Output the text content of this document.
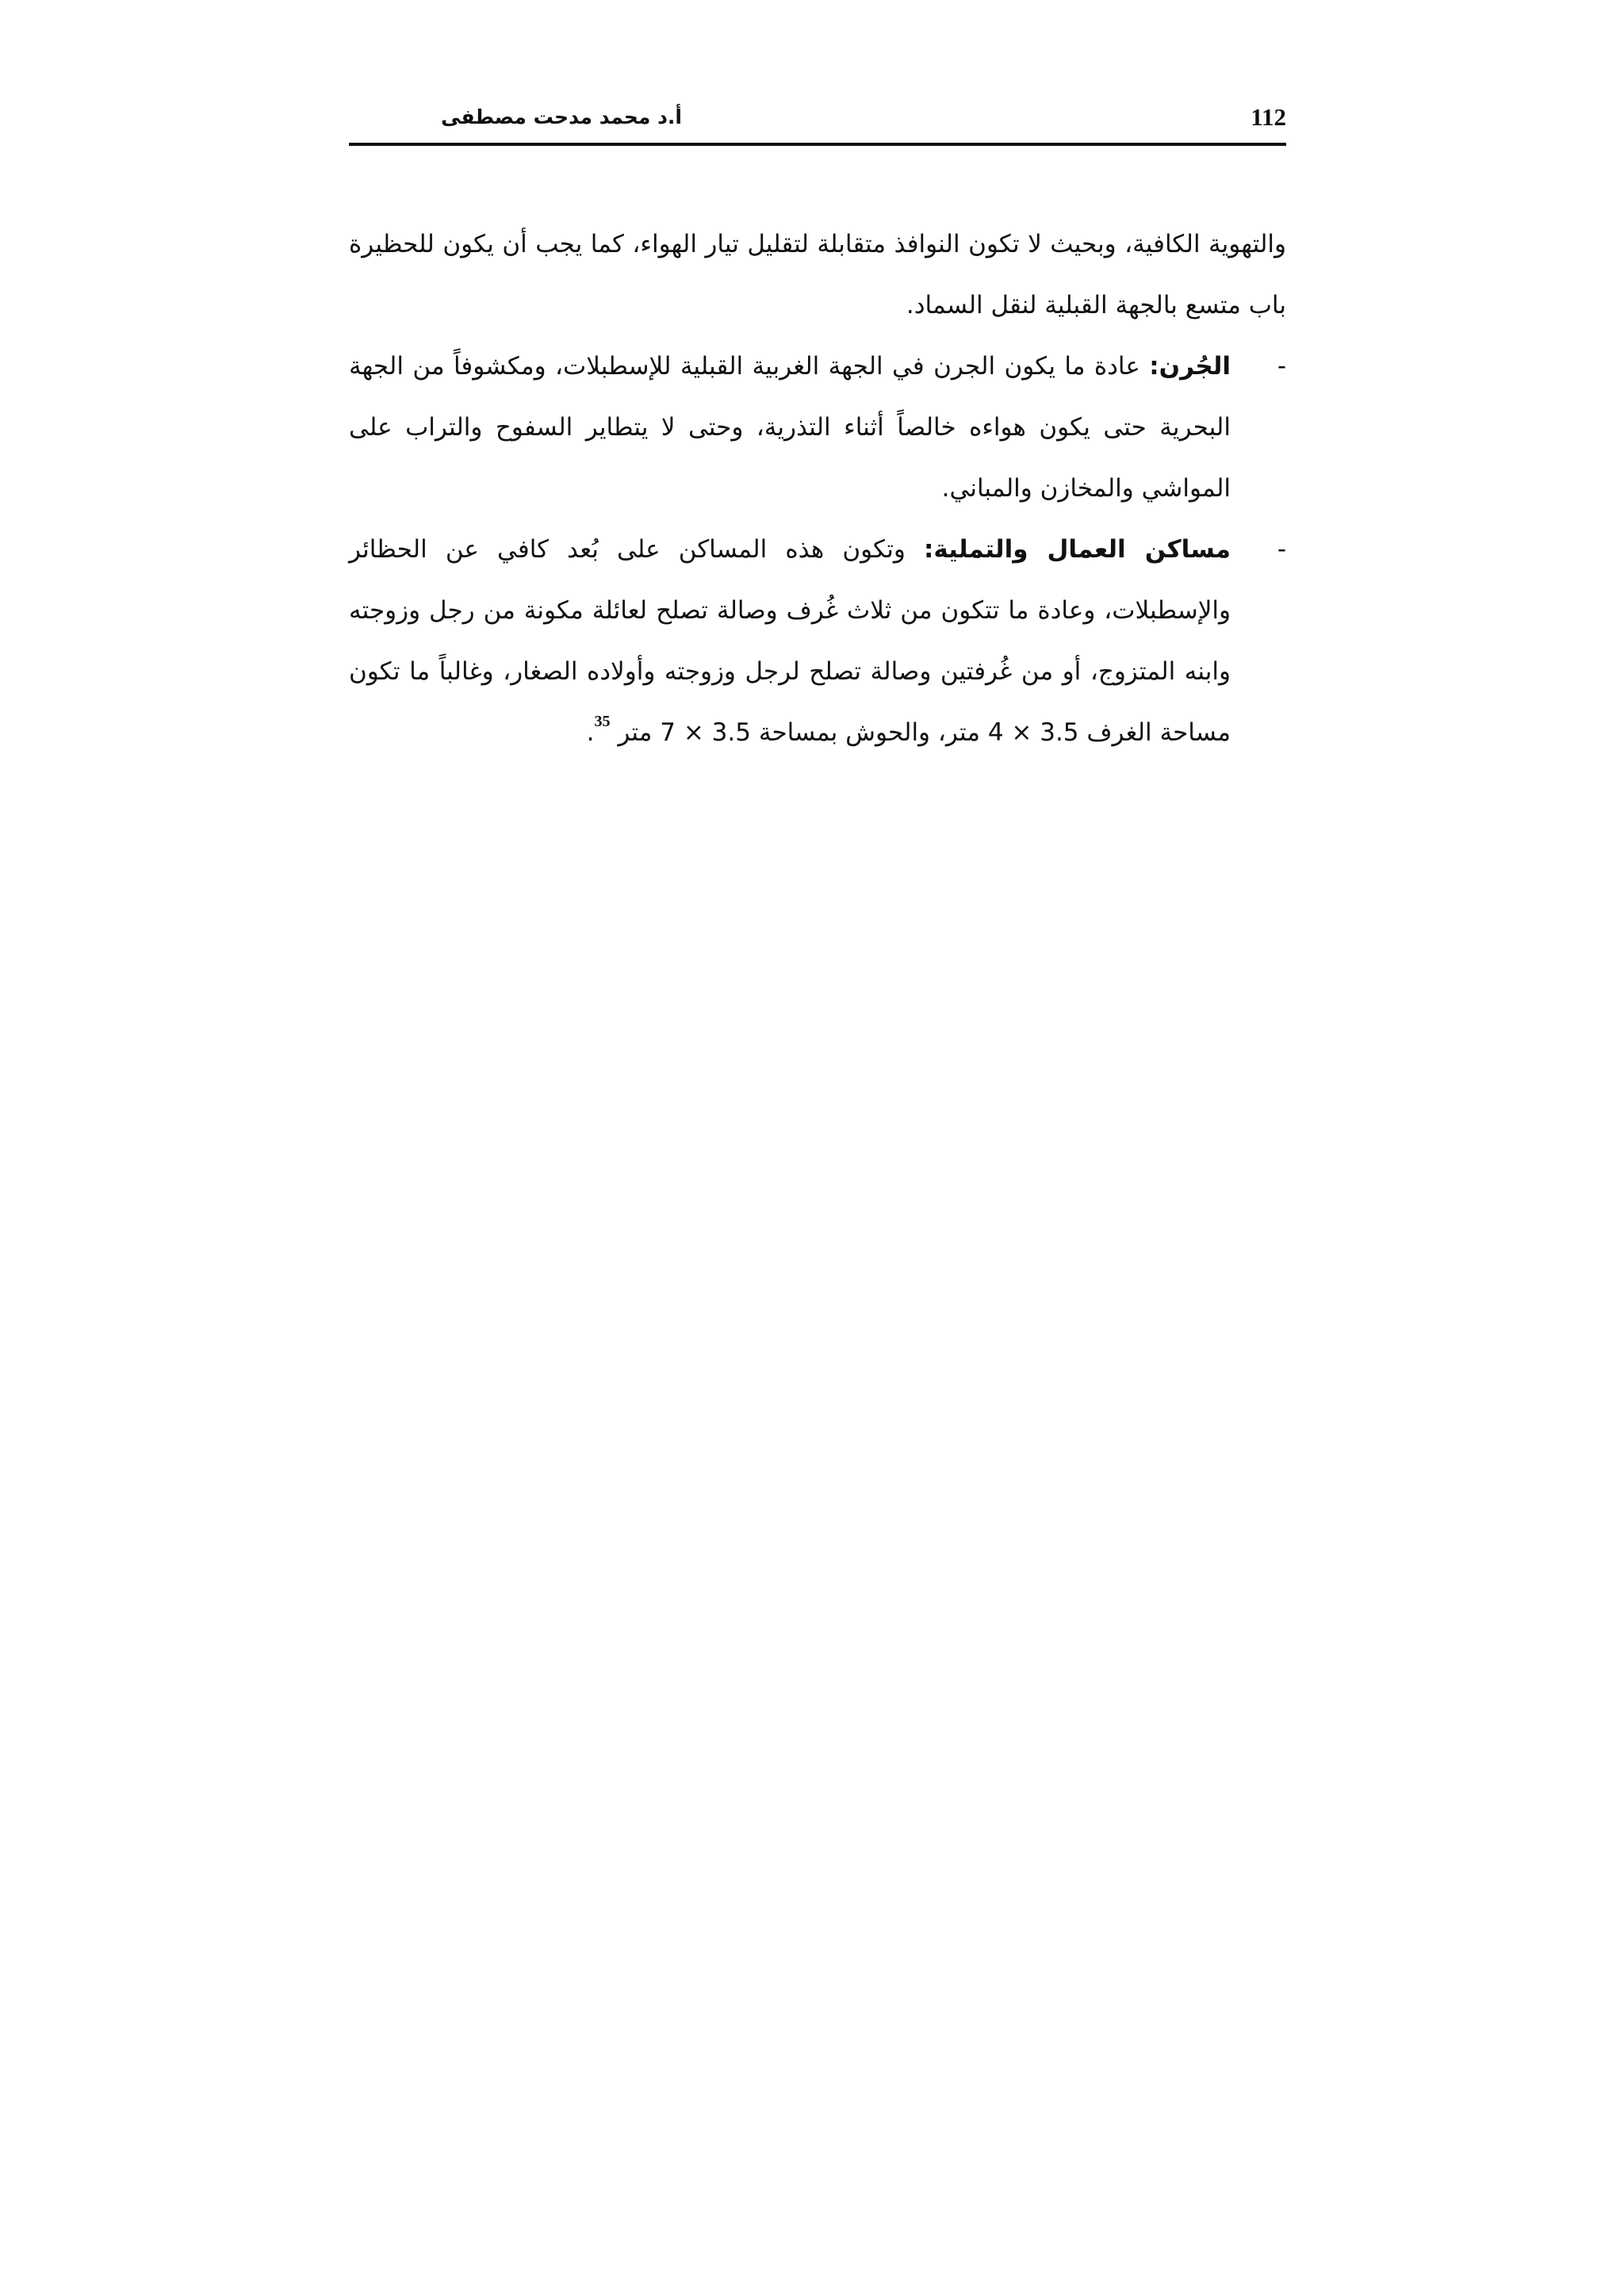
أ.د محمد مدحت مصطفى	112

والتهوية الكافية، وبحيث لا تكون النوافذ متقابلة لتقليل تيار الهواء، كما يجب أن يكون للحظيرة باب متسع بالجهة القبلية لنقل السماد.

-
الجُرن: عادة ما يكون الجرن في الجهة الغربية القبلية للإسطبلات، ومكشوفاً من الجهة البحرية حتى يكون هواءه خالصاً أثناء التذرية، وحتى لا يتطاير السفوح والتراب على المواشي والمخازن والمباني.

-
مساكن العمال والتملية: وتكون هذه المساكن على بُعد كافي عن الحظائر والإسطبلات، وعادة ما تتكون من ثلاث غُرف وصالة تصلح لعائلة مكونة من رجل وزوجته وابنه المتزوج، أو من غُرفتين وصالة تصلح لرجل وزوجته وأولاده الصغار، وغالباً ما تكون مساحة الغرف 3.5 × 4 متر، والحوش بمساحة 3.5 × 7 متر $^{35}$.
